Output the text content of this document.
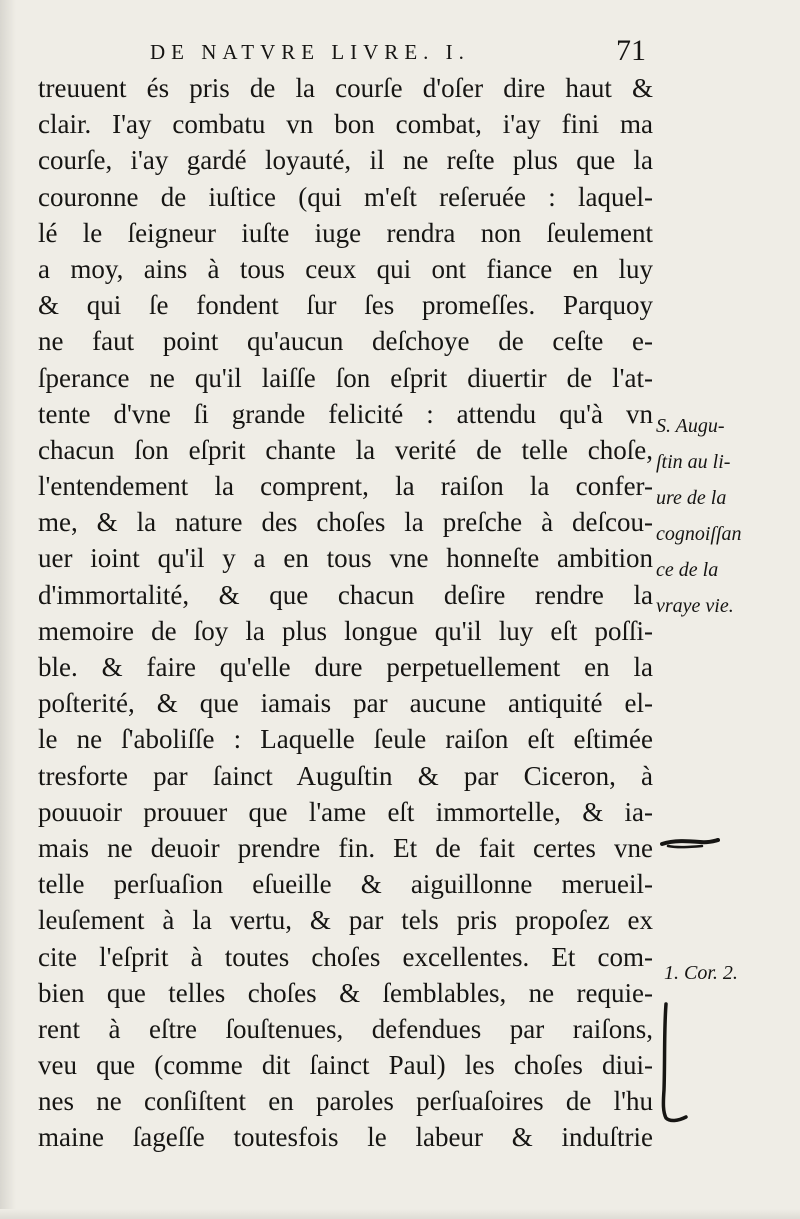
DE NATVRE LIVRE. I.	71
treuuent és pris de la courſe d'oſer dire haut &
clair. I'ay combatu vn bon combat, i'ay fini ma
courſe, i'ay gardé loyauté, il ne reſte plus que la
couronne de iuſtice (qui m'eſt reſeruée : laquel-
lé le ſeigneur iuſte iuge rendra non ſeulement
a moy, ains à tous ceux qui ont fiance en luy
& qui ſe fondent ſur ſes promeſſes. Parquoy
ne faut point qu'aucun deſchoye de ceſte e-
ſperance ne qu'il laiſſe ſon eſprit diuertir de l'at-
tente d'vne ſi grande felicité : attendu qu'à vn
chacun ſon eſprit chante la verité de telle choſe,
l'entendement la comprent, la raiſon la confer-
me, & la nature des choſes la preſche à deſcou-
uer ioint qu'il y a en tous vne honneſte ambition
d'immortalité, & que chacun deſire rendre la
memoire de ſoy la plus longue qu'il luy eſt poſſi-
ble. & faire qu'elle dure perpetuellement en la
poſterité, & que iamais par aucune antiquité el-
le ne ſ'aboliſſe : Laquelle ſeule raiſon eſt eſtimée
tresforte par ſainct Auguſtin & par Ciceron, à
pouuoir prouuer que l'ame eſt immortelle, & ia-
mais ne deuoir prendre fin. Et de fait certes vne
telle perſuaſion eſueille & aiguillonne merueil-
leuſement à la vertu, & par tels pris propoſez ex
cite l'eſprit à toutes choſes excellentes. Et com-
bien que telles choſes & ſemblables, ne requie-
rent à eſtre ſouſtenues, defendues par raiſons,
veu que (comme dit ſainct Paul) les choſes diui-
nes ne conſiſtent en paroles perſuaſoires de l'hu
maine ſageſſe toutesfois le labeur & induſtrie
S. Augu-
ſtin au li-
ure de la
cognoiſſan
ce de la
vraye vie.
1. Cor. 2.
